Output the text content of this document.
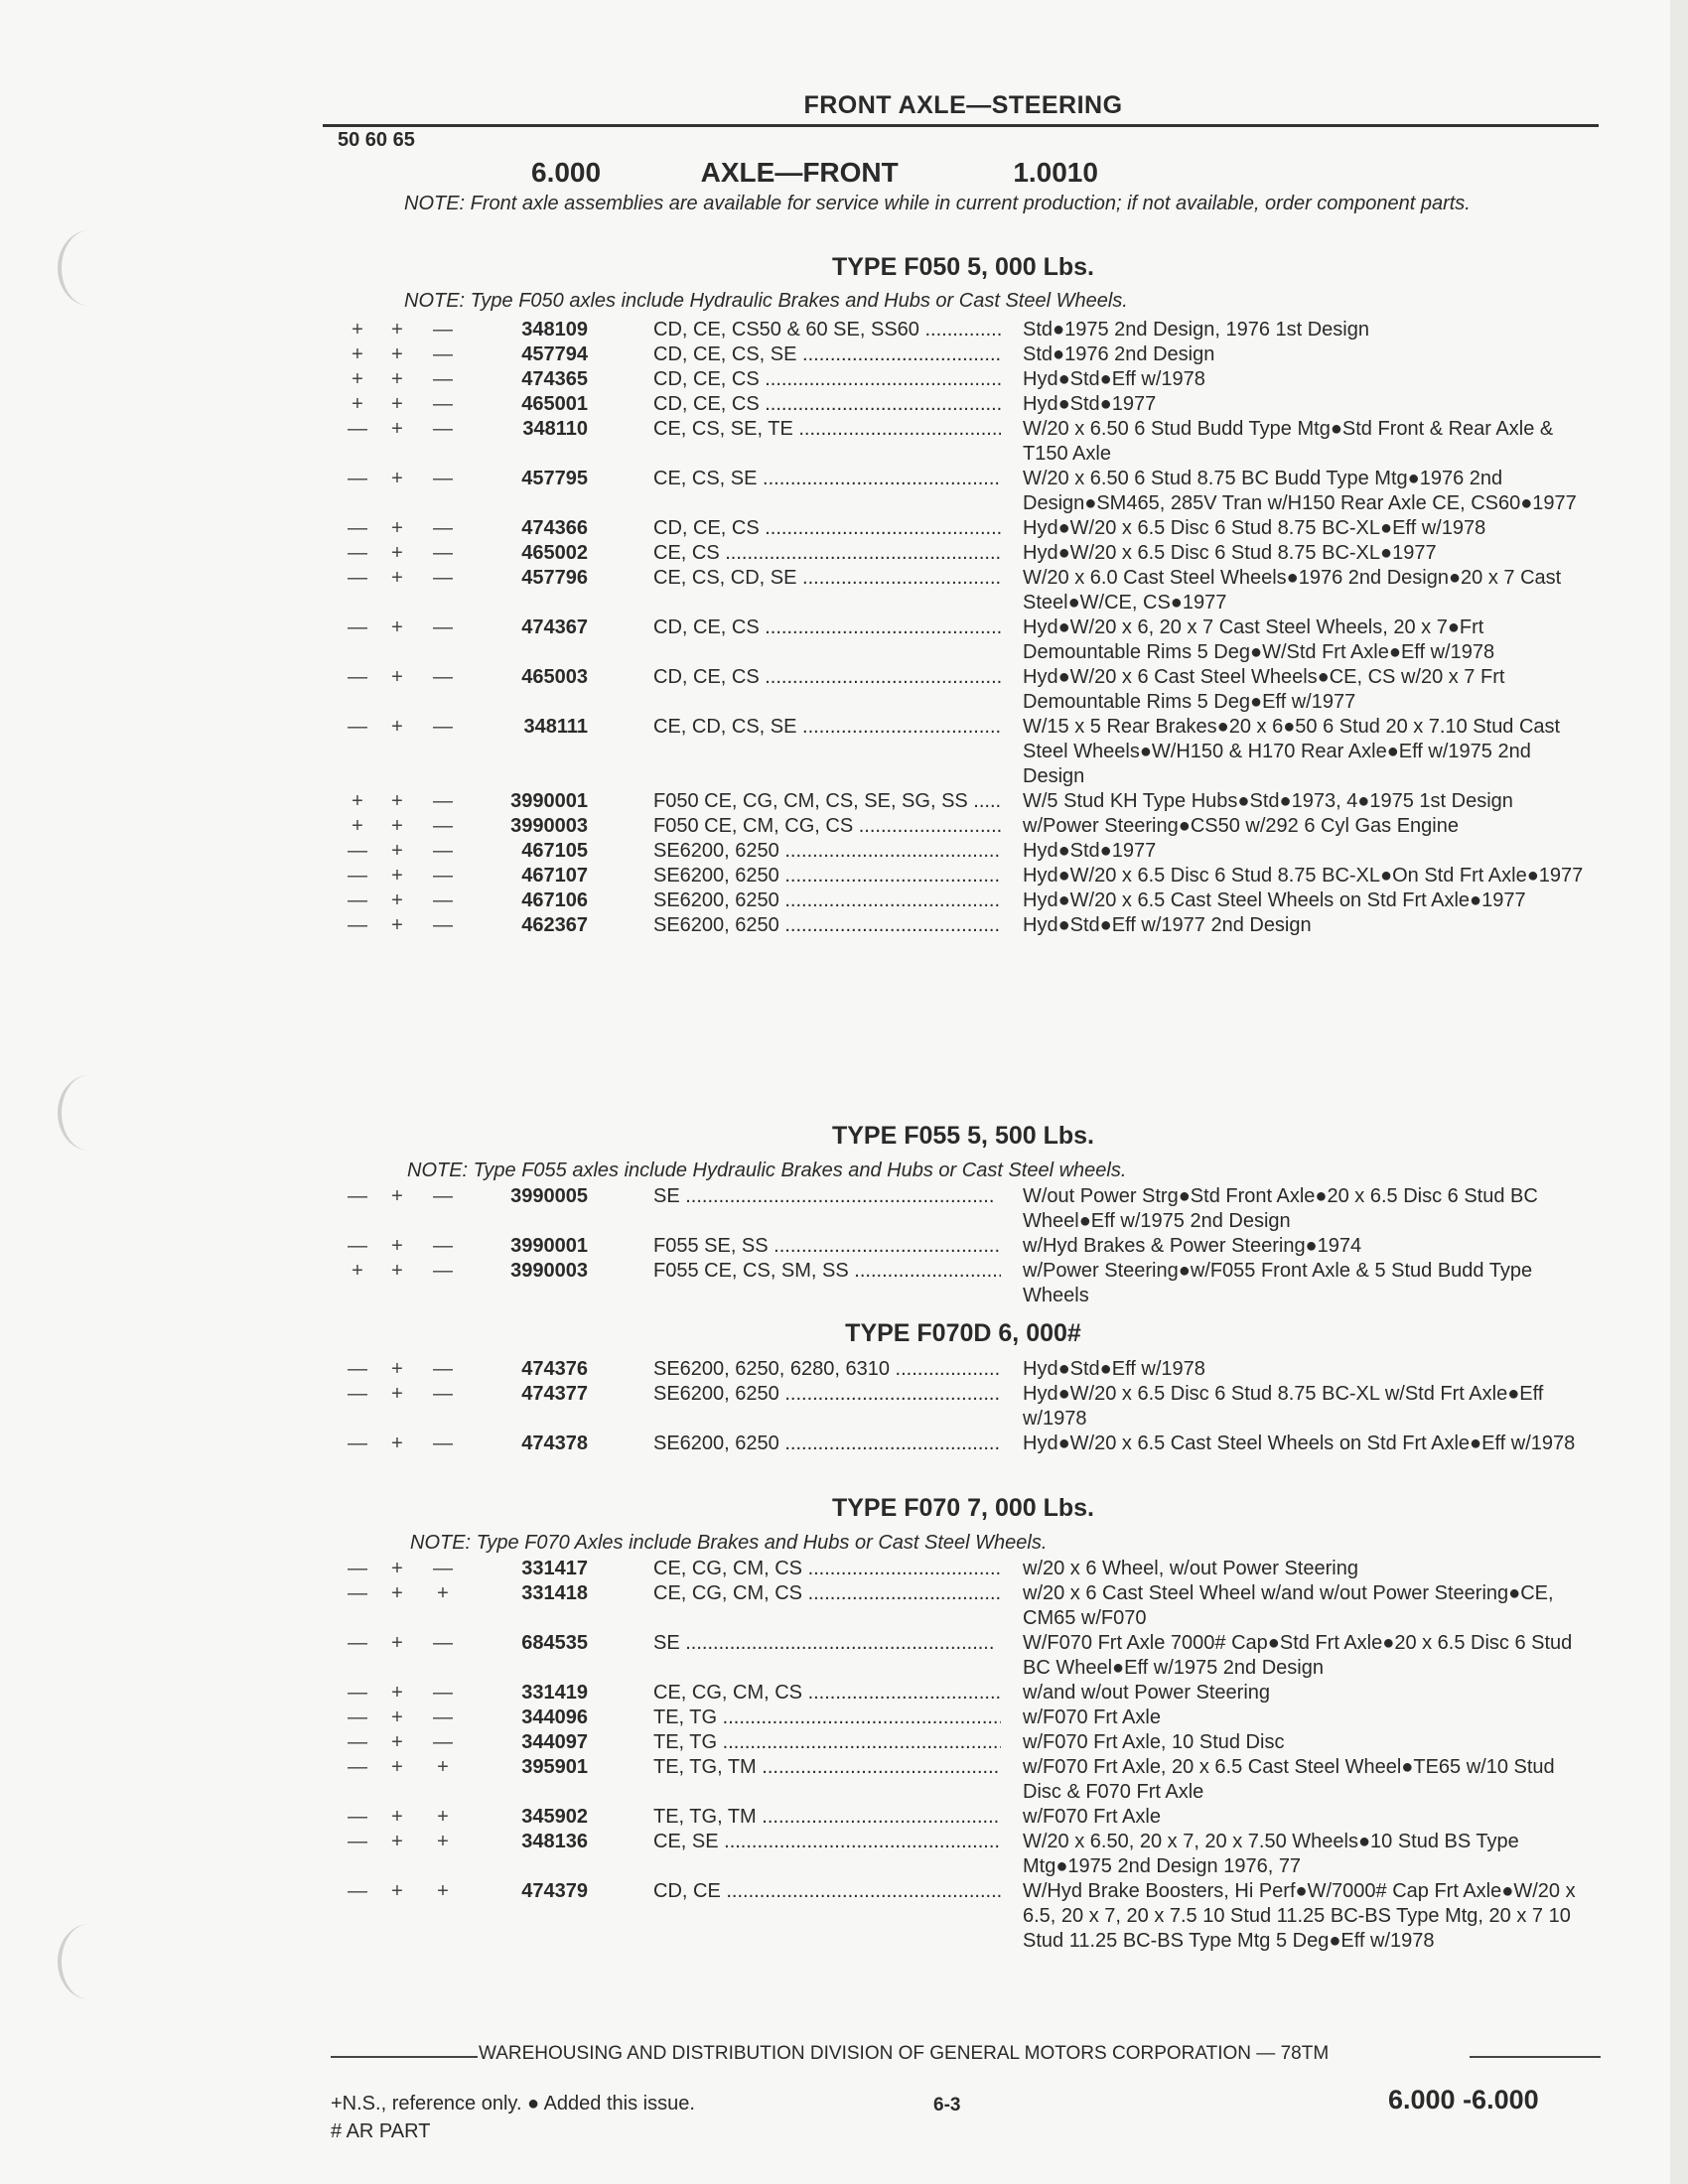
FRONT AXLE—STEERING
50 60 65
6.000	AXLE—FRONT	1.0010
NOTE: Front axle assemblies are available for service while in current production; if not available, order component parts.
TYPE F050 5, 000 Lbs.
NOTE: Type F050 axles include Hydraulic Brakes and Hubs or Cast Steel Wheels.
+ + —	348109	CD, CE, CS50 & 60 SE, SS60 .....	Std●1975 2nd Design, 1976 1st Design
+ + —	457794	CD, CE, CS, SE .....	Std●1976 2nd Design
+ + —	474365	CD, CE, CS .....	Hyd●Std●Eff w/1978
+ + —	465001	CD, CE, CS .....	Hyd●Std●1977
— + —	348110	CE, CS, SE, TE .....	W/20 x 6.50 6 Stud Budd Type Mtg●Std Front & Rear Axle & T150 Axle
— + —	457795	CE, CS, SE .....	W/20 x 6.50 6 Stud 8.75 BC Budd Type Mtg●1976 2nd Design●SM465, 285V Tran w/H150 Rear Axle CE, CS60●1977
— + —	474366	CD, CE, CS .....	Hyd●W/20 x 6.5 Disc 6 Stud 8.75 BC-XL●Eff w/1978
— + —	465002	CE, CS .....	Hyd●W/20 x 6.5 Disc 6 Stud 8.75 BC-XL●1977
— + —	457796	CE, CS, CD, SE .....	W/20 x 6.0 Cast Steel Wheels●1976 2nd Design●20 x 7 Cast Steel●W/CE, CS●1977
— + —	474367	CD, CE, CS .....	Hyd●W/20 x 6, 20 x 7 Cast Steel Wheels, 20 x 7●Frt Demountable Rims 5 Deg●W/Std Frt Axle●Eff w/1978
— + —	465003	CD, CE, CS .....	Hyd●W/20 x 6 Cast Steel Wheels●CE, CS w/20 x 7 Frt Demountable Rims 5 Deg●Eff w/1977
— + —	348111	CE, CD, CS, SE .....	W/15 x 5 Rear Brakes●20 x 6●50 6 Stud 20 x 7.10 Stud Cast Steel Wheels●W/H150 & H170 Rear Axle●Eff w/1975 2nd Design
+ + —	3990001	F050 CE, CG, CM, CS, SE, SG, SS .....	W/5 Stud KH Type Hubs●Std●1973, 4●1975 1st Design
+ + —	3990003	F050 CE, CM, CG, CS .....	w/Power Steering●CS50 w/292 6 Cyl Gas Engine
— + —	467105	SE6200, 6250 .....	Hyd●Std●1977
— + —	467107	SE6200, 6250 .....	Hyd●W/20 x 6.5 Disc 6 Stud 8.75 BC-XL●On Std Frt Axle●1977
— + —	467106	SE6200, 6250 .....	Hyd●W/20 x 6.5 Cast Steel Wheels on Std Frt Axle●1977
— + —	462367	SE6200, 6250 .....	Hyd●Std●Eff w/1977 2nd Design
TYPE F055 5, 500 Lbs.
NOTE: Type F055 axles include Hydraulic Brakes and Hubs or Cast Steel wheels.
— + —	3990005	SE .....	W/out Power Strg●Std Front Axle●20 x 6.5 Disc 6 Stud BC Wheel●Eff w/1975 2nd Design
— + —	3990001	F055 SE, SS .....	w/Hyd Brakes & Power Steering●1974
+ + —	3990003	F055 CE, CS, SM, SS .....	w/Power Steering●w/F055 Front Axle & 5 Stud Budd Type Wheels
TYPE F070D 6, 000#
— + —	474376	SE6200, 6250, 6280, 6310 .....	Hyd●Std●Eff w/1978
— + —	474377	SE6200, 6250 .....	Hyd●W/20 x 6.5 Disc 6 Stud 8.75 BC-XL w/Std Frt Axle●Eff w/1978
— + —	474378	SE6200, 6250 .....	Hyd●W/20 x 6.5 Cast Steel Wheels on Std Frt Axle●Eff w/1978
TYPE F070 7, 000 Lbs.
NOTE: Type F070 Axles include Brakes and Hubs or Cast Steel Wheels.
— + —	331417	CE, CG, CM, CS .....	w/20 x 6 Wheel, w/out Power Steering
— + +	331418	CE, CG, CM, CS .....	w/20 x 6 Cast Steel Wheel w/and w/out Power Steering●CE, CM65 w/F070
— + —	684535	SE .....	W/F070 Frt Axle 7000# Cap●Std Frt Axle●20 x 6.5 Disc 6 Stud BC Wheel●Eff w/1975 2nd Design
— + —	331419	CE, CG, CM, CS .....	w/and w/out Power Steering
— + —	344096	TE, TG .....	w/F070 Frt Axle
— + —	344097	TE, TG .....	w/F070 Frt Axle, 10 Stud Disc
— + +	395901	TE, TG, TM .....	w/F070 Frt Axle, 20 x 6.5 Cast Steel Wheel●TE65 w/10 Stud Disc & F070 Frt Axle
— + +	345902	TE, TG, TM .....	w/F070 Frt Axle
— + +	348136	CE, SE .....	W/20 x 6.50, 20 x 7, 20 x 7.50 Wheels●10 Stud BS Type Mtg●1975 2nd Design 1976, 77
— + +	474379	CD, CE .....	W/Hyd Brake Boosters, Hi Perf●W/7000# Cap Frt Axle●W/20 x 6.5, 20 x 7, 20 x 7.5 10 Stud 11.25 BC-BS Type Mtg, 20 x 7 10 Stud 11.25 BC-BS Type Mtg 5 Deg●Eff w/1978
WAREHOUSING AND DISTRIBUTION DIVISION OF GENERAL MOTORS CORPORATION — 78TM
+N.S., reference only. ● Added this issue.
# AR PART
6-3	6.000 -6.000
